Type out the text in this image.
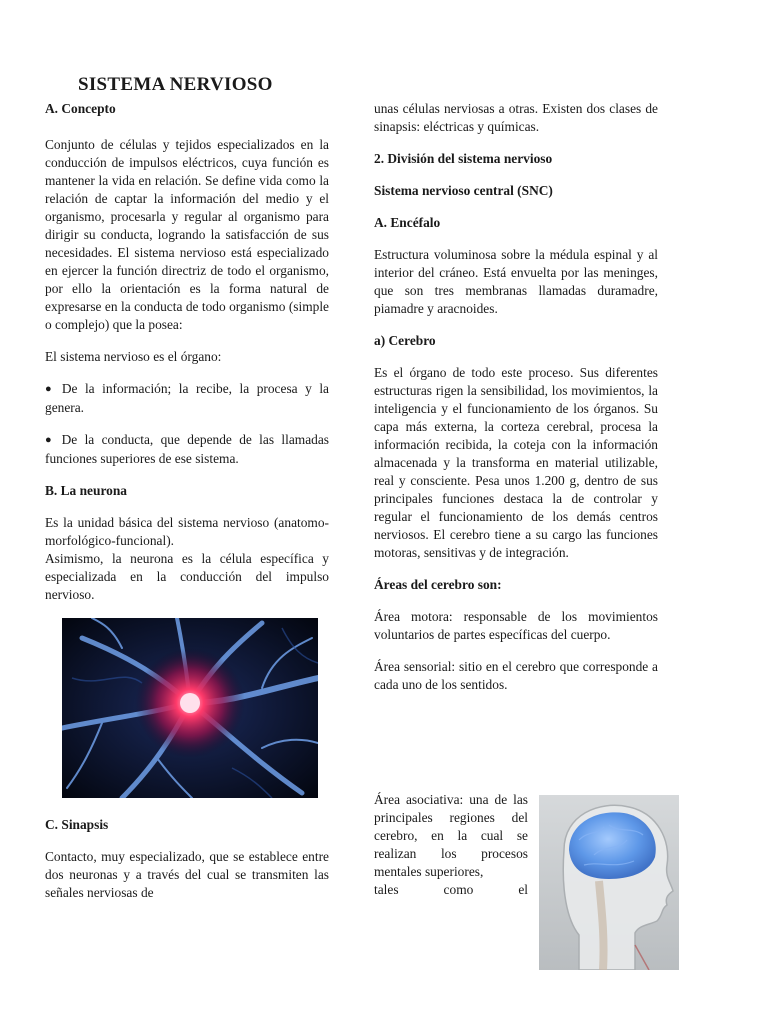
SISTEMA NERVIOSO
A. Concepto

Conjunto de células y tejidos especializados en la conducción de impulsos eléctricos, cuya función es mantener la vida en relación. Se define vida como la relación de captar la información del medio y el organismo, procesarla y regular al organismo para dirigir su conducta, logrando la satisfacción de sus necesidades. El sistema nervioso está especializado en ejercer la función directriz de todo el organismo, por ello la orientación es la forma natural de expresarse en la conducta de todo organismo (simple o complejo) que la posea:

El sistema nervioso es el órgano:

● De la información; la recibe, la procesa y la genera.

● De la conducta, que depende de las llamadas funciones superiores de ese sistema.

B. La neurona

Es la unidad básica del sistema nervioso (anatomo-morfológico-funcional).

Asimismo, la neurona es la célula específica y especializada en la conducción del impulso nervioso.

C. Sinapsis

Contacto, muy especializado, que se establece entre dos neuronas y a través del cual se transmiten las señales nerviosas de

unas células nerviosas a otras. Existen dos clases de sinapsis: eléctricas y químicas.

2. División del sistema nervioso
Sistema nervioso central (SNC)
A. Encéfalo

Estructura voluminosa sobre la médula espinal y al interior del cráneo. Está envuelta por las meninges, que son tres membranas llamadas duramadre, piamadre y aracnoides.

a) Cerebro

Es el órgano de todo este proceso. Sus diferentes estructuras rigen la sensibilidad, los movimientos, la inteligencia y el funcionamiento de los órganos. Su capa más externa, la corteza cerebral, procesa la información recibida, la coteja con la información almacenada y la transforma en material utilizable, real y consciente. Pesa unos 1.200 g, dentro de sus principales funciones destaca la de controlar y regular el funcionamiento de los demás centros nerviosos. El cerebro tiene a su cargo las funciones motoras, sensitivas y de integración.

Áreas del cerebro son:

Área motora: responsable de los movimientos voluntarios de partes específicas del cuerpo.

Área sensorial: sitio en el cerebro que corresponde a cada uno de los sentidos.

Área asociativa: una de las principales regiones del cerebro, en la cual se realizan los procesos mentales superiores,

tales como el
